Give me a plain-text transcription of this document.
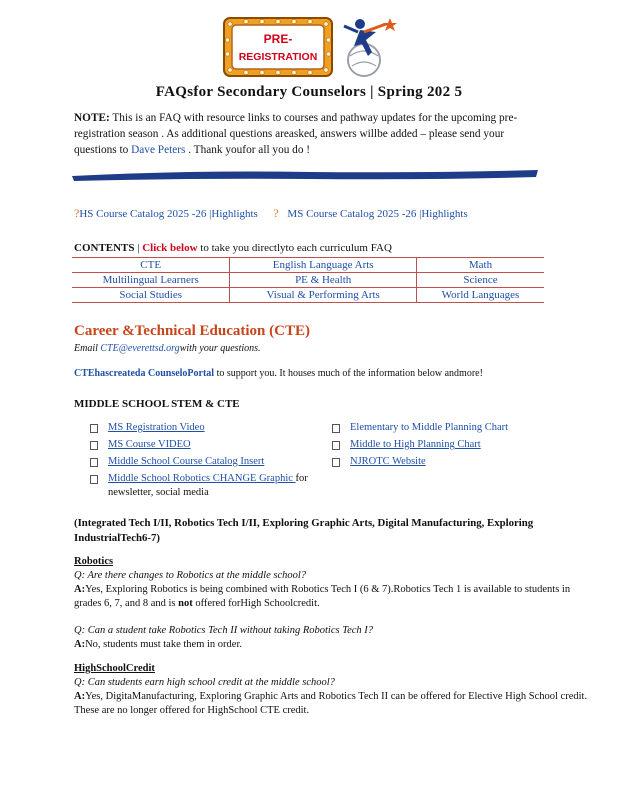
PRE-
REGISTRATION
FAQsfor Secondary Counselors | Spring 202 5
NOTE: This is an FAQ with resource links to courses and pathway updates for the upcoming pre-registration season . As additional questions areasked, answers willbe added – please send your questions to Dave Peters . Thank youfor all you do !
?HS Course Catalog 2025 -26 |Highlights ? MS Course Catalog 2025 -26 |Highlights
CONTENTS | Click below to take you directlyto each curriculum FAQ
CTE	English Language Arts	Math
Multilingual Learners	PE & Health	Science
Social Studies	Visual & Performing Arts	World Languages
Career &Technical Education (CTE)
Email CTE@everettsd.orgwith your questions.
CTEhascreateda CounseloPortal to support you. It houses much of the information below andmore!
MIDDLE SCHOOL STEM & CTE
MS Registration Video
MS Course VIDEO
Middle School Course Catalog Insert
Middle School Robotics CHANGE Graphic for newsletter, social media
Elementary to Middle Planning Chart
Middle to High Planning Chart
NJROTC Website
(Integrated Tech I/II, Robotics Tech I/II, Exploring Graphic Arts, Digital Manufacturing, Exploring IndustrialTech6-7)
Robotics
Q: Are there changes to Robotics at the middle school?
A:Yes, Exploring Robotics is being combined with Robotics Tech I (6 & 7).Robotics Tech 1 is available to students in grades 6, 7, and 8 and is not offered forHigh Schoolcredit.
Q: Can a student take Robotics Tech II without taking Robotics Tech I?
A:No, students must take them in order.
HighSchoolCredit
Q: Can students earn high school credit at the middle school?
A:Yes, DigitaManufacturing, Exploring Graphic Arts and Robotics Tech II can be offered for Elective High School credit. These are no longer offered for HighSchool CTE credit.
